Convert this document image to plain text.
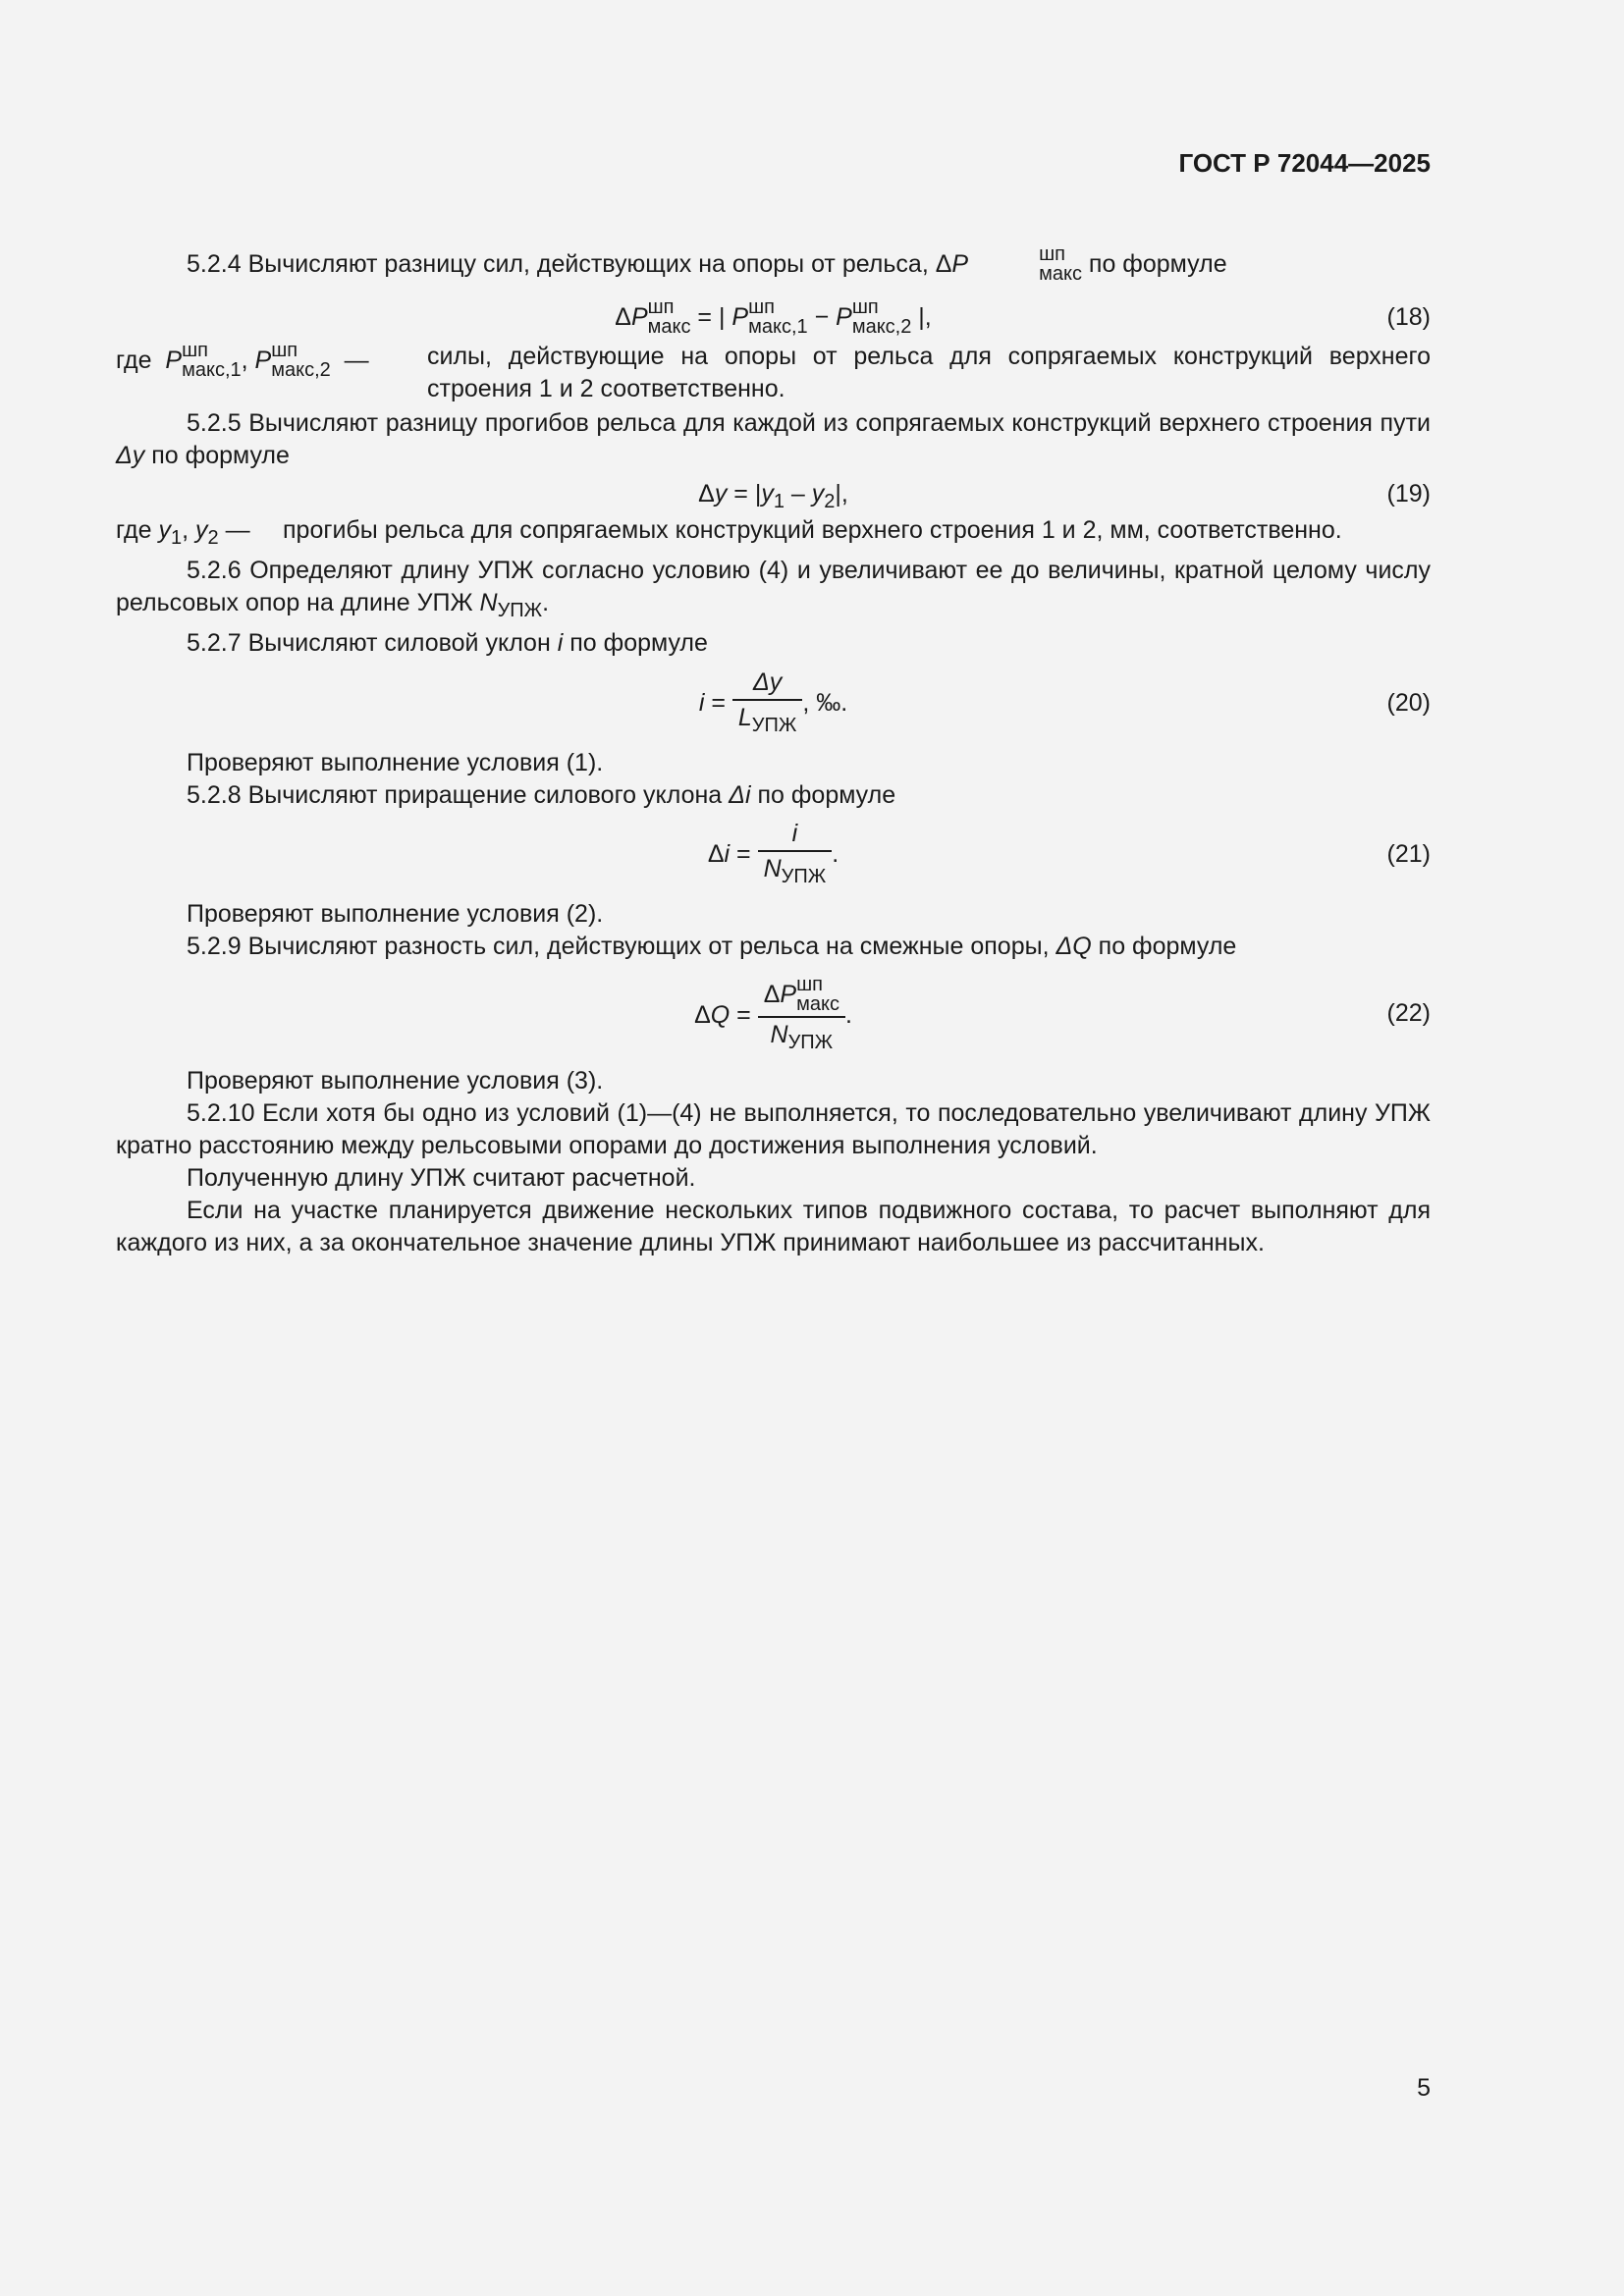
ГОСТ Р 72044—2025

5.2.4 Вычисляют разницу сил, действующих на опоры от рельса, ΔP	шп
макс по формуле

ΔP шп
макс = | P шп
макс,1 − P шп
макс,2 |,	(18)
где P шп
макс,1 , P шп
макс,2 —	силы, действующие на опоры от рельса для сопрягаемых конструкций верхнего строения 1 и 2 соответственно.

5.2.5 Вычисляют разницу прогибов рельса для каждой из сопрягаемых конструкций верхнего строения пути Δy по формуле

$\Delta y = |y_1 - y_2|$,	(19)
где $y_1$, $y_2$ —	прогибы рельса для сопрягаемых конструкций верхнего строения 1 и 2, мм, соответственно.

5.2.6 Определяют длину УПЖ согласно условию (4) и увеличивают ее до величины, кратной целому числу рельсовых опор на длине УПЖ $N_{УПЖ}$.

5.2.7 Вычисляют силовой уклон i по формуле

$i = \frac{\Delta y}{L_{УПЖ}}$ , ‰.	(20)

Проверяют выполнение условия (1).

5.2.8 Вычисляют приращение силового уклона Δi по формуле

$\Delta i = \frac{i}{N_{УПЖ}}$ .	(21)

Проверяют выполнение условия (2).

5.2.9 Вычисляют разность сил, действующих от рельса на смежные опоры, ΔQ по формуле

ΔQ = ΔP шп
макс
$N_{УПЖ}$ .	(22)

Проверяют выполнение условия (3).

5.2.10 Если хотя бы одно из условий (1)—(4) не выполняется, то последовательно увеличивают длину УПЖ кратно расстоянию между рельсовыми опорами до достижения выполнения условий.

Полученную длину УПЖ считают расчетной.

Если на участке планируется движение нескольких типов подвижного состава, то расчет выполняют для каждого из них, а за окончательное значение длины УПЖ принимают наибольшее из рассчитанных.

5
